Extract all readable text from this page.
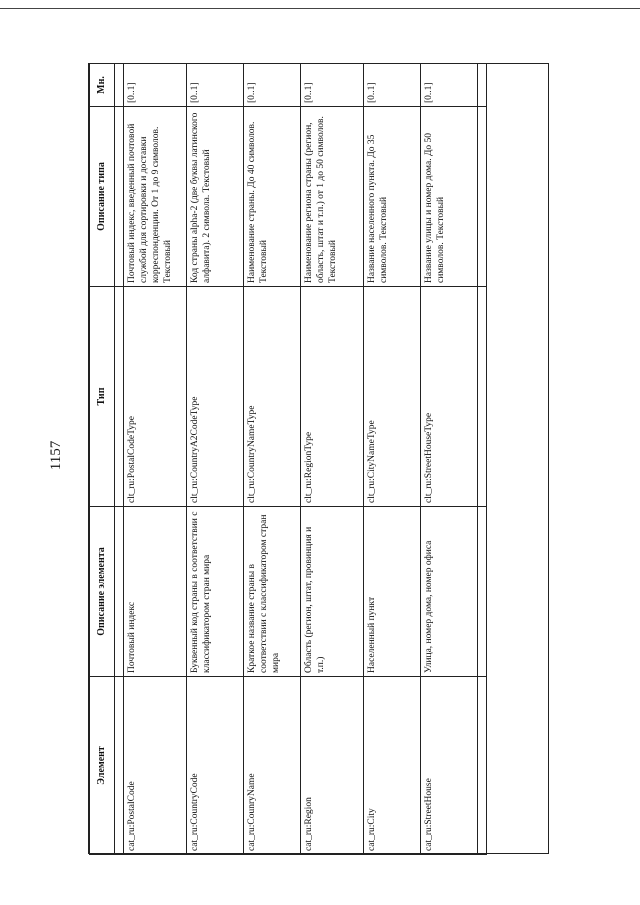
1157
Элемент	Описание элемента	Тип	Описание типа	Мн.

cat_ru:PostalCode	Почтовый индекс	clt_ru:PostalCodeType	Почтовый индекс, введенный почтовой службой для сортировки и доставки корреспонденции. От 1 до 9 символов. Текстовый	[0..1]
cat_ru:CountryCode	Буквенный код страны в соответствии с классификатором стран мира	clt_ru:CountryA2CodeType	Код страны alpha-2 (две буквы латинского алфавита). 2 символа. Текстовый	[0..1]
cat_ru:CounryName	Краткое название страны в соответствии с классификатором стран мира	clt_ru:CountryNameType	Наименование страны. До 40 символов. Текстовый	[0..1]
cat_ru:Region	Область (регион, штат, провинция и т.п.)	clt_ru:RegionType	Наименование региона страны (регион, область, штат и т.п.) от 1 до 50 символов. Текстовый	[0..1]
cat_ru:City	Населенный пункт	clt_ru:CityNameType	Название населенного пункта. До 35 символов. Текстовый	[0..1]
cat_ru:StreetHouse	Улица, номер дома, номер офиса	clt_ru:StreetHouseType	Название улицы и номер дома. До 50 символов. Текстовый	[0..1]
